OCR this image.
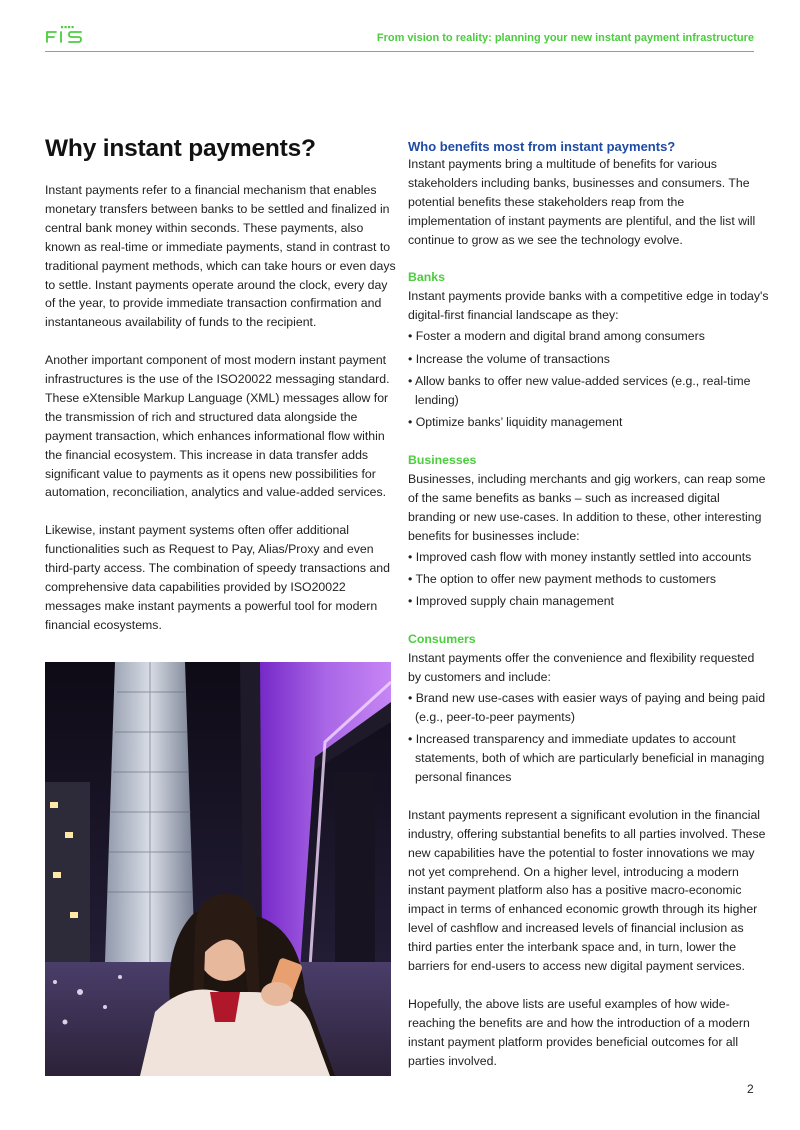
From vision to reality: planning your new instant payment infrastructure
Why instant payments?

Instant payments refer to a financial mechanism that enables monetary transfers between banks to be settled and finalized in central bank money within seconds. These payments, also known as real-time or immediate payments, stand in contrast to traditional payment methods, which can take hours or even days to settle. Instant payments operate around the clock, every day of the year, to provide immediate transaction confirmation and instantaneous availability of funds to the recipient.

Another important component of most modern instant payment infrastructures is the use of the ISO20022 messaging standard. These eXtensible Markup Language (XML) messages allow for the transmission of rich and structured data alongside the payment transaction, which enhances informational flow within the financial ecosystem. This increase in data transfer adds significant value to payments as it opens new possibilities for automation, reconciliation, analytics and value-added services.

Likewise, instant payment systems often offer additional functionalities such as Request to Pay, Alias/Proxy and even third-party access. The combination of speedy transactions and comprehensive data capabilities provided by ISO20022 messages make instant payments a powerful tool for modern financial ecosystems.

Who benefits most from instant payments?

Instant payments bring a multitude of benefits for various stakeholders including banks, businesses and consumers. The potential benefits these stakeholders reap from the implementation of instant payments are plentiful, and the list will continue to grow as we see the technology evolve.

Banks

Instant payments provide banks with a competitive edge in today's digital-first financial landscape as they:

• Foster a modern and digital brand among consumers
• Increase the volume of transactions
• Allow banks to offer new value-added services (e.g., real-time lending)
• Optimize banks’ liquidity management
Businesses

Businesses, including merchants and gig workers, can reap some of the same benefits as banks – such as increased digital branding or new use-cases. In addition to these, other interesting benefits for businesses include:

• Improved cash flow with money instantly settled into accounts
• The option to offer new payment methods to customers
• Improved supply chain management
Consumers

Instant payments offer the convenience and flexibility requested by customers and include:

• Brand new use-cases with easier ways of paying and being paid (e.g., peer-to-peer payments)
• Increased transparency and immediate updates to account statements, both of which are particularly beneficial in managing personal finances

Instant payments represent a significant evolution in the financial industry, offering substantial benefits to all parties involved. These new capabilities have the potential to foster innovations we may not yet comprehend. On a higher level, introducing a modern instant payment platform also has a positive macro-economic impact in terms of enhanced economic growth through its higher level of cashflow and increased levels of financial inclusion as third parties enter the interbank space and, in turn, lower the barriers for end-users to access new digital payment services.

Hopefully, the above lists are useful examples of how wide-reaching the benefits are and how the introduction of a modern instant payment platform provides beneficial outcomes for all parties involved.

2
